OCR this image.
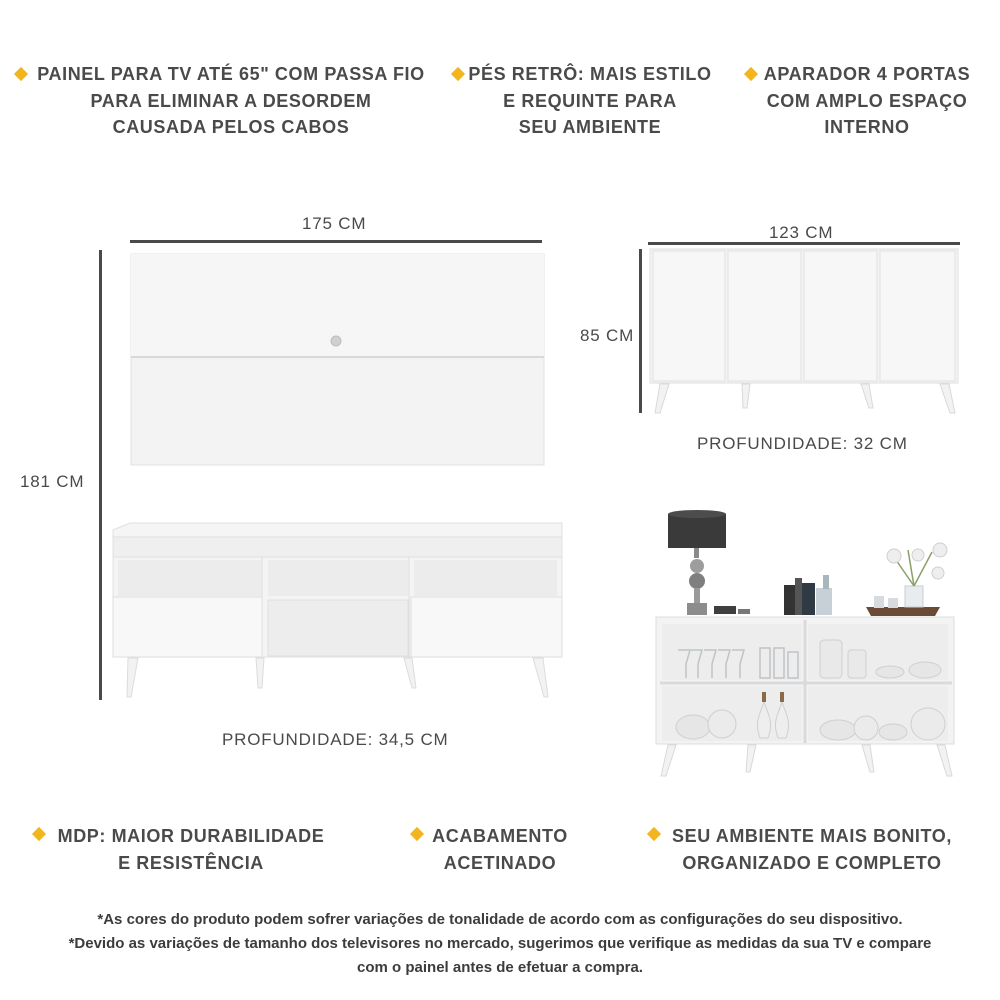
PAINEL PARA TV ATÉ 65" COM PASSA FIO
PARA ELIMINAR A DESORDEM
CAUSADA PELOS CABOS
PÉS RETRÔ: MAIS ESTILO
E REQUINTE PARA
SEU AMBIENTE
APARADOR 4 PORTAS
COM AMPLO ESPAÇO
INTERNO
175 CM
181 CM
PROFUNDIDADE: 34,5 CM
123 CM
85 CM
PROFUNDIDADE: 32 CM
MDP: MAIOR DURABILIDADE
E RESISTÊNCIA
ACABAMENTO
ACETINADO
SEU AMBIENTE MAIS BONITO,
ORGANIZADO E COMPLETO
*As cores do produto podem sofrer variações de tonalidade de acordo com as configurações do seu dispositivo.
*Devido as variações de tamanho dos televisores no mercado, sugerimos que verifique as medidas da sua TV e compare
com o painel antes de efetuar a compra.
